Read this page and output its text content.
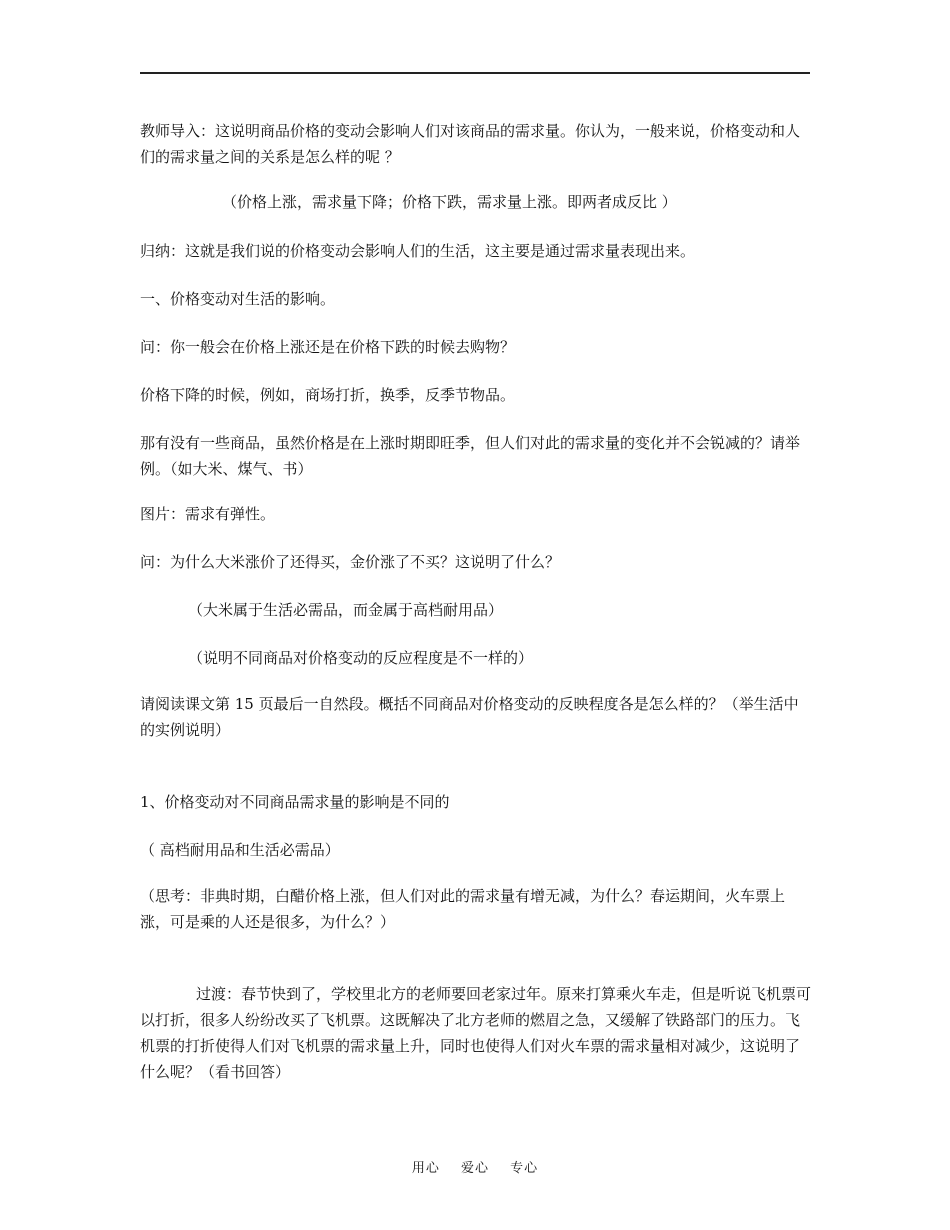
教师导入：这说明商品价格的变动会影响人们对该商品的需求量。你认为，一般来说，价格变动和人们的需求量之间的关系是怎么样的呢 ？

（价格上涨，需求量下降；价格下跌，需求量上涨。即两者成反比 ）

归纳：这就是我们说的价格变动会影响人们的生活，这主要是通过需求量表现出来。

一、价格变动对生活的影响。

问：你一般会在价格上涨还是在价格下跌的时候去购物？

价格下降的时候，例如，商场打折，换季，反季节物品。

那有没有一些商品，虽然价格是在上涨时期即旺季，但人们对此的需求量的变化并不会锐减的？请举例。（如大米、煤气、书）

图片：需求有弹性。

问：为什么大米涨价了还得买，金价涨了不买？这说明了什么？

（大米属于生活必需品，而金属于高档耐用品）

（说明不同商品对价格变动的反应程度是不一样的）

请阅读课文第 15 页最后一自然段。概括不同商品对价格变动的反映程度各是怎么样的？（举生活中的实例说明）

1、价格变动对不同商品需求量的影响是不同的

（ 高档耐用品和生活必需品）

（思考：非典时期，白醋价格上涨，但人们对此的需求量有增无减，为什么？春运期间，火车票上涨，可是乘的人还是很多，为什么？）

过渡：春节快到了，学校里北方的老师要回老家过年。原来打算乘火车走，但是听说飞机票可以打折，很多人纷纷改买了飞机票。这既解决了北方老师的燃眉之急，又缓解了铁路部门的压力。飞机票的打折使得人们对飞机票的需求量上升，同时也使得人们对火车票的需求量相对减少，这说明了什么呢？（看书回答）

用心 爱心 专心
